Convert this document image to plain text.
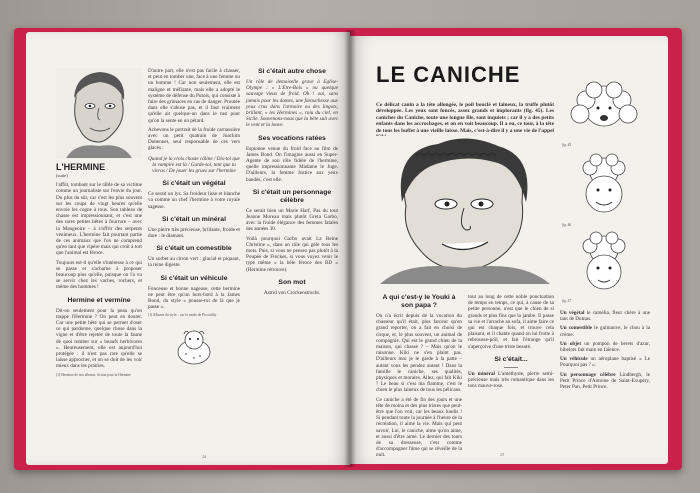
L'HERMINE
(suite)
l'affût, tombant sur le râble de sa victime comme un journaliste sur l'envie du jour. Du plus du sûr, car c'est les plus souvent sur les coups de vingt heures qu'elle envoie les cogne à tous. Son tableau de chasse est impressionnant, et c'est une des rares petites bêtes à fourrure – avec la Mangeoire – à s'offrir des serpents venimeux. L'hermine fait pourtant partie de ces animaux que l'on ne comprend qu'en tant que vipère mais qui croit à tort que l'animal est féroce.
Toujours est-il qu'elle s'intéresse à ce qui se passe et s'acharne à proposer beaucoup plus qu'elle, puisque on l'a vu se servir chez les vaches, rochers, et même des hommes !
Hermine et vermine
Dit-on seulement pour la peau qu'on trappe l'Hermine ? On peut en douter. Car une petite bête qui se permet d'oser ce qui pardonne, quelque chose dans la vigne et d'être rejetée de toute la faune de quoi tomber sur « beaufs herbivores ». Heureusement, elle est aujourd'hui protégée : il n'est pas rare qu'elle se laisse approcher, et on se doit de les voir mieux dans les prairies.
(1) Hermine de nos albums, fiction pour la Hermine
D'autre part, elle n'est pas facile à chasser, et peut en tomber une, face à une femme ou un homme ! Car non seulement, elle est maligne et méfiante, mais elle a adopté le système de défense du Putois, qui consiste à faire des grimaces en cas de danger. Proutée dans elle s'abuse pas, et il faut vraiment qu'elle ait quelque-un dans le nez pour qu'on la sente en un pétard.
Achevons le portrait de la froide carnassière avec un petit quatrain de Joachim Dubennet, seul responsable de ces vers glacés :
Quand je la crois chaste câline / Dis-toi que la vampire est là / Garde-toi, tant que tu vivras / De jouer les grues sur l'hermine
Si c'était un végétal
Ce serait un lys. Sa froideur lisse et blanche va comme un chef l'hermine à votre royale sagesse.
Si c'était un minéral
Une pierre très précieuse, brillante, froide et dure : le diamant.
Si c'était un comestible
Un sorbet au citron vert : glacial et piquant, la reine digeste.
Si c'était un véhicule
Fonceuse et bonne nageuse, cette hermine ne peut être qu'un hors-bord à la James Bond, du style « pousse-toi de là que je passe ».
(1) Albums du style... sur la mode de Piccadilly
Si c'était autre chose
Un rôle de demoiselle grave à Eglise-Olympe : « L'Etre-Bois » ou quelque sauvage vieux de froid. Oh ! oui, sans jamais pour les dames, une farouchesse aux yeux crus dans l'armoire ou des lingots, brillant, « les Hermines », roiu du ciel, en Sicile. Souvenons-nous que la bête suit avec le vent et la louve.
Ses vocations ratées
Espionne venue du froid face au film de James Bond. On l'imagine aussi en Super-Agente de son rôle fidèle de l'hermine, quelle impressionnante Madame le Juge. D'ailleurs, la femme Justice aux yeux bandés, c'est elle.
Si c'était un personnage célèbre
Ce serait bien un Marie Harf, Pas du tout Jeanne Moreau mais plutôt Greta Garbo, avec la froide élégance des femmes fatales des années 30.
Voilà pourquoi Garbo avait La Reine Christine », dans un rôle qui gèle tous les mots. Puis, si vous ne pensez pas plutôt à la Poupée de Flockes, si vous voyez venir le type même « la bête féroce des BD » (Hermine rétrouve).
Son mot
Astrid von Crockenstrucht.
24
LE CANICHE
Ce délicat canin a la tête allongée, le poil bouclé et laineux, la truffe plutôt développée. Les yeux sont foncés, assez grands et implorants (fig. 45). Les caniches du Caniche, toute une longue file, sont inquiets ; car il y a des petits enfants dans les accrochages, et on en voit beaucoup. Il a eu, ce tour, à la tête de tous les buffet à une vieille laisse. Mais, c'est-à-dire il y a une vie de l'appel
fig. 45
fig. 46
fig. 47
A qui c'est-y le Youki à son papa ?
On n'a écrit depuis de la vocation du chasseur qu'il était, plus farceur qu'en grand reporter, on a fait en choisi de cirque, et, le plus souvent, un animal de compagnie. Qui est le grand chien de la maison, qui chasse ? – Mais qu'on le raisonne. Kiki ne s'en plaint pas. D'ailleurs moi je le garde à la patte – autant vous les pendez autant ! Dans la famille le caniche, ses qualités, physiques et morales. Allez, qui fait Kiki ? Le beau si c'est ma flamme, c'est le chien le plus laineux de tous les pélicans.
Ce caniche a été de fin des jours et une tête de moins et des plus tristes que peut-être que l'on voit, car les beaux lundis ! Si pendant toute la journée à l'heure de la récréation, il aime la vie. Mais qui peut savoir, Lui, le caniche, aime qu'on aime, et aussi d'être aimé. Le dernier des tours de sa dresseuse, c'est comme d'accompagner l'âme qui se réveille de la nuit.
tout au long de cette noble ponctuation de temps en temps, ce qui, à cause de sa petite personne, n'est que le chien de si grands et plus fins que la jambe. Il passe sa vie et l'arrache au sofa, il aime faire ce qui est chaque fois, et trouve cela plaisant, et il chante quand on lui frotte à rebrousse-poil, et fait l'étrange qu'il s'aperçoive d'une triste beauté.
Si c'était...
Un minéral L'améthyste, pierre semi-précieuse mais très romantique dans les tons mauve-rose.
Un végétal le camélia, fleur chère à une tant de Dumas.
Un comestible le guimauve, le chou à la crème.
Un objet un pompon de berets d'azur, bibelots fait main en faïence.
Un véhicule un aéroplane baptisé « Le Pourquoi pas ? ».
Un personnage célèbre Lindbergh, le Petit Prince d'Antoine de Saint-Exupéry, Peter Pan, Petit Prince.
25
